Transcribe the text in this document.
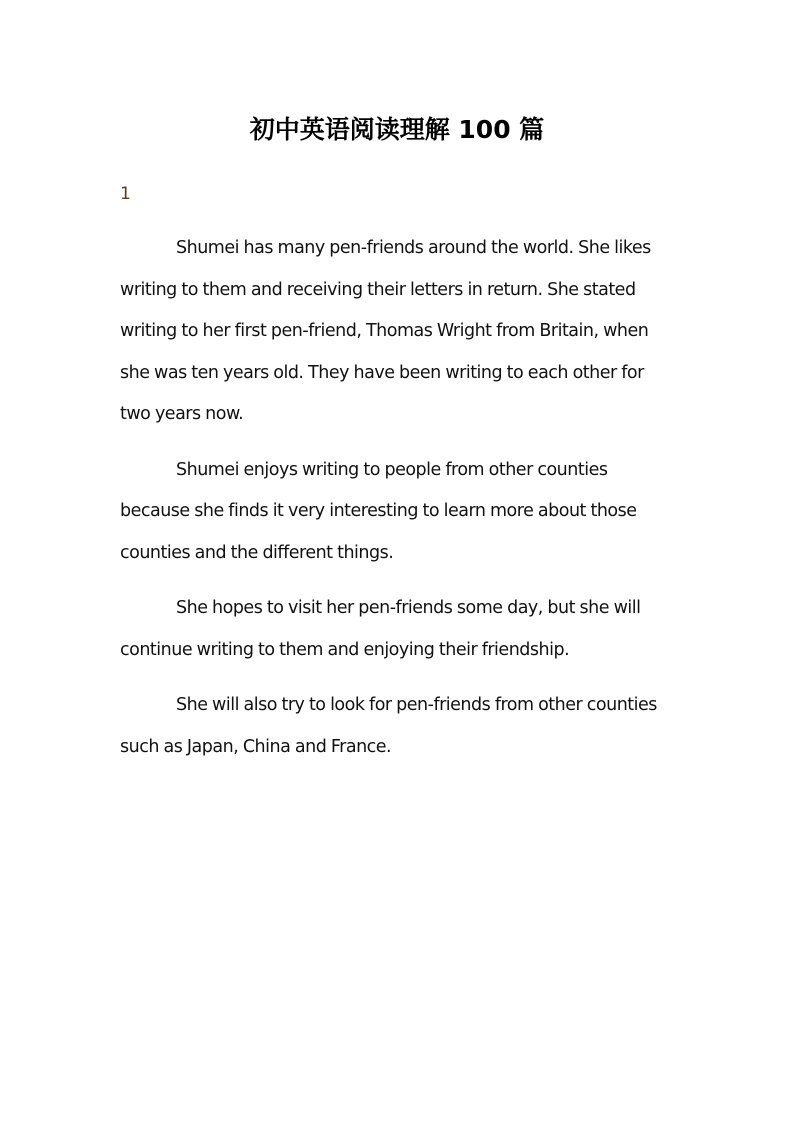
初中英语阅读理解 100 篇
1

Shumei has many pen-friends around the world. She likes writing to them and receiving their letters in return. She stated writing to her first pen-friend, Thomas Wright from Britain, when she was ten years old. They have been writing to each other for two years now.

Shumei enjoys writing to people from other counties because she finds it very interesting to learn more about those counties and the different things.

She hopes to visit her pen-friends some day, but she will continue writing to them and enjoying their friendship.

She will also try to look for pen-friends from other counties such as Japan, China and France.
